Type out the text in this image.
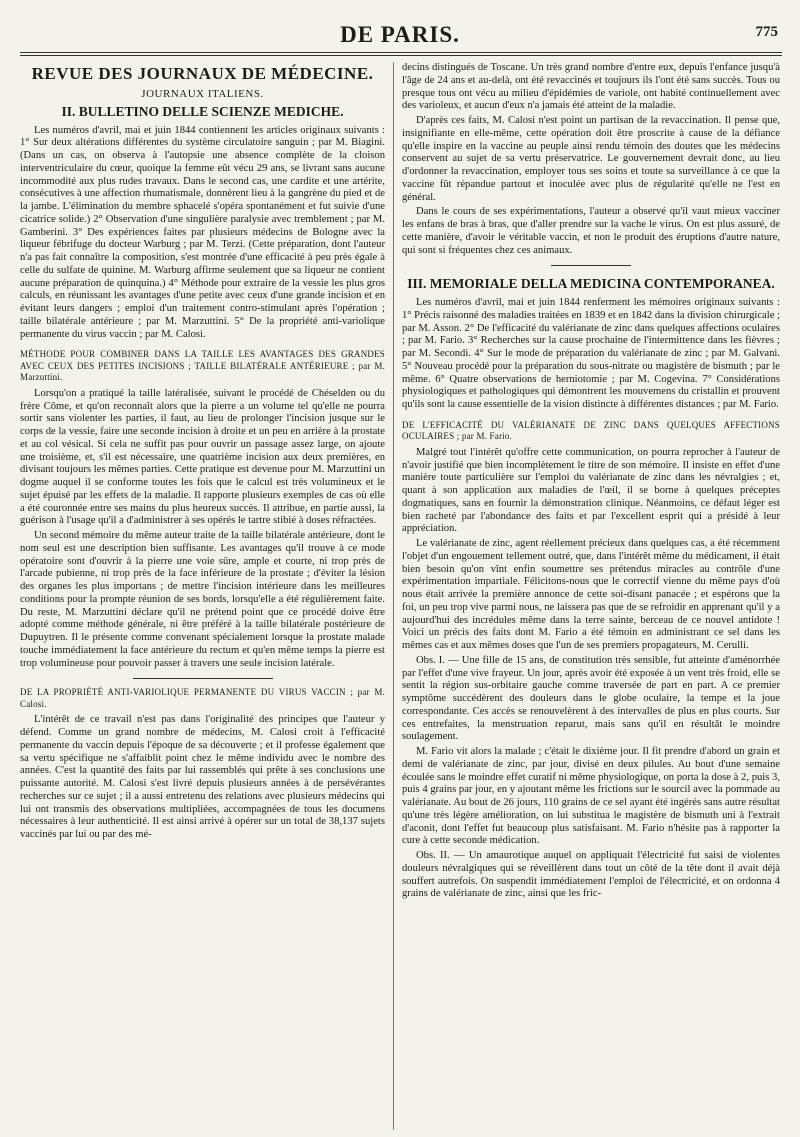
DE PARIS.	775
REVUE DES JOURNAUX DE MÉDECINE.
JOURNAUX ITALIENS.
II. BULLETINO DELLE SCIENZE MEDICHE.

Les numéros d'avril, mai et juin 1844 contiennent les articles originaux suivants : 1° Sur deux altérations différentes du système circulatoire sanguin ; par M. Biagini. (Dans un cas, on observa à l'autopsie une absence complète de la cloison interventriculaire du cœur, quoique la femme eût vécu 29 ans, se livrant sans aucune incommodité aux plus rudes travaux. Dans le second cas, une cardite et une artérite, consécutives à une affection rhumatismale, donnèrent lieu à la gangrène du pied et de la jambe. L'élimination du membre sphacelé s'opéra spontanément et fut suivie d'une cicatrice solide.) 2° Observation d'une singulière paralysie avec tremblement ; par M. Gamberini. 3° Des expériences faites par plusieurs médecins de Bologne avec la liqueur fébrifuge du docteur Warburg ; par M. Terzi. (Cette préparation, dont l'auteur n'a pas fait connaître la composition, s'est montrée d'une efficacité à peu près égale à celle du sulfate de quinine. M. Warburg affirme seulement que sa liqueur ne contient aucune préparation de quinquina.) 4° Méthode pour extraire de la vessie les plus gros calculs, en réunissant les avantages d'une petite avec ceux d'une grande incision et en évitant leurs dangers ; emploi d'un traitement contro-stimulant après l'opération ; taille bilatérale antérieure ; par M. Marzuttini. 5° De la propriété anti-variolique permanente du virus vaccin ; par M. Calosi.

MÉTHODE POUR COMBINER DANS LA TAILLE LES AVANTAGES DES GRANDES AVEC CEUX DES PETITES INCISIONS ; TAILLE BILATÉRALE ANTÉRIEURE ; par M. Marzuttini.

Lorsqu'on a pratiqué la taille latéralisée, suivant le procédé de Chéselden ou du frère Côme, et qu'on reconnaît alors que la pierre a un volume tel qu'elle ne pourra sortir sans violenter les parties, il faut, au lieu de prolonger l'incision jusque sur le corps de la vessie, faire une seconde incision à droite et un peu en arrière à la prostate et au col vésical. Si cela ne suffit pas pour ouvrir un passage assez large, on ajoute une troisième, et, s'il est nécessaire, une quatrième incision aux deux premières, en divisant toujours les mêmes parties. Cette pratique est devenue pour M. Marzuttini un dogme auquel il se conforme toutes les fois que le calcul est très volumineux et le sujet épuisé par les effets de la maladie. Il rapporte plusieurs exemples de cas où elle a été couronnée entre ses mains du plus heureux succès. Il attribue, en partie aussi, la guérison à l'usage qu'il a d'administrer à ses opérés le tartre stibié à doses réfractées.

Un second mémoire du même auteur traite de la taille bilatérale antérieure, dont le nom seul est une description bien suffisante. Les avantages qu'il trouve à ce mode opératoire sont d'ouvrir à la pierre une voie sûre, ample et courte, ni trop près de l'arcade pubienne, ni trop près de la face inférieure de la prostate ; d'éviter la lésion des organes les plus importans ; de mettre l'incision intérieure dans les meilleures conditions pour la prompte réunion de ses bords, lorsqu'elle a été régulièrement faite. Du reste, M. Marzuttini déclare qu'il ne prétend point que ce procédé doive être adopté comme méthode générale, ni être préféré à la taille bilatérale postérieure de Dupuytren. Il le présente comme convenant spécialement lorsque la prostate malade touche immédiatement la face antérieure du rectum et qu'en même temps la pierre est trop volumineuse pour pouvoir passer à travers une seule incision latérale.

DE LA PROPRIÉTÉ ANTI-VARIOLIQUE PERMANENTE DU VIRUS VACCIN ; par M. Calosi.

L'intérêt de ce travail n'est pas dans l'originalité des principes que l'auteur y défend. Comme un grand nombre de médecins, M. Calosi croit à l'efficacité permanente du vaccin depuis l'époque de sa découverte ; et il professe également que sa vertu spécifique ne s'affaiblit point chez le même individu avec le nombre des années. C'est la quantité des faits par lui rassemblés qui prête à ses conclusions une puissante autorité. M. Calosi s'est livré depuis plusieurs années à de persévérantes recherches sur ce sujet ; il a aussi entretenu des relations avec plusieurs médecins qui lui ont transmis des observations multipliées, accompagnées de tous les documens nécessaires à leur authenticité. Il est ainsi arrivé à opérer sur un total de 38,137 sujets vaccinés par lui ou par des mé-

decins distingués de Toscane. Un très grand nombre d'entre eux, depuis l'enfance jusqu'à l'âge de 24 ans et au-delà, ont été revaccinés et toujours ils l'ont été sans succès. Tous ou presque tous ont vécu au milieu d'épidémies de variole, ont habité continuellement avec des varioleux, et aucun d'eux n'a jamais été atteint de la maladie.

D'après ces faits, M. Calosi n'est point un partisan de la revaccination. Il pense que, insignifiante en elle-même, cette opération doit être proscrite à cause de la défiance qu'elle inspire en la vaccine au peuple ainsi rendu témoin des doutes que les médecins conservent au sujet de sa vertu préservatrice. Le gouvernement devrait donc, au lieu d'ordonner la revaccination, employer tous ses soins et toute sa surveillance à ce que la vaccine fût répandue partout et inoculée avec plus de régularité qu'elle ne l'est en général.

Dans le cours de ses expérimentations, l'auteur a observé qu'il vaut mieux vacciner les enfans de bras à bras, que d'aller prendre sur la vache le virus. On est plus assuré, de cette manière, d'avoir le véritable vaccin, et non le produit des éruptions d'autre nature, qui sont si fréquentes chez ces animaux.

III. MEMORIALE DELLA MEDICINA CONTEMPORANEA.

Les numéros d'avril, mai et juin 1844 renferment les mémoires originaux suivants : 1° Précis raisonné des maladies traitées en 1839 et en 1842 dans la division chirurgicale ; par M. Asson. 2° De l'efficacité du valérianate de zinc dans quelques affections oculaires ; par M. Fario. 3° Recherches sur la cause prochaine de l'intermittence dans les fièvres ; par M. Secondi. 4° Sur le mode de préparation du valérianate de zinc ; par M. Galvani. 5° Nouveau procédé pour la préparation du sous-nitrate ou magistère de bismuth ; par le même. 6° Quatre observations de herniotomie ; par M. Cogevina. 7° Considérations physiologiques et pathologiques qui démontrent les mouvemens du cristallin et prouvent qu'ils sont la cause essentielle de la vision distincte à différentes distances ; par M. Fario.

DE L'EFFICACITÉ DU VALÉRIANATE DE ZINC DANS QUELQUES AFFECTIONS OCULAIRES ; par M. Fario.

Malgré tout l'intérêt qu'offre cette communication, on pourra reprocher à l'auteur de n'avoir justifié que bien incomplètement le titre de son mémoire. Il insiste en effet d'une manière toute particulière sur l'emploi du valérianate de zinc dans les névralgies ; et, quant à son application aux maladies de l'œil, il se borne à quelques préceptes dogmatiques, sans en fournir la démonstration clinique. Néanmoins, ce défaut léger est bien racheté par l'abondance des faits et par l'excellent esprit qui a présidé à leur appréciation.

Le valérianate de zinc, agent réellement précieux dans quelques cas, a été récemment l'objet d'un engouement tellement outré, que, dans l'intérêt même du médicament, il était bien besoin qu'on vînt enfin soumettre ses prétendus miracles au contrôle d'une expérimentation impartiale. Félicitons-nous que le correctif vienne du même pays d'où nous était arrivée la première annonce de cette soi-disant panacée ; et espérons que la foi, un peu trop vive parmi nous, ne laissera pas que de se refroidir en apprenant qu'il y a aujourd'hui des incrédules même dans la terre sainte, berceau de ce nouvel antidote ! Voici un précis des faits dont M. Fario a été témoin en administrant ce sel dans les mêmes cas et aux mêmes doses que l'un de ses premiers propagateurs, M. Cerulli.

Obs. I. — Une fille de 15 ans, de constitution très sensible, fut atteinte d'aménorrhée par l'effet d'une vive frayeur. Un jour, après avoir été exposée à un vent très froid, elle se sentit la région sus-orbitaire gauche comme traversée de part en part. A ce premier symptôme succédèrent des douleurs dans le globe oculaire, la tempe et la joue correspondante. Ces accès se renouvelèrent à des intervalles de plus en plus courts. Sur ces entrefaites, la menstruation reparut, mais sans qu'il en résultât le moindre soulagement.

M. Fario vit alors la malade ; c'était le dixième jour. Il fit prendre d'abord un grain et demi de valérianate de zinc, par jour, divisé en deux pilules. Au bout d'une semaine écoulée sans le moindre effet curatif ni même physiologique, on porta la dose à 2, puis 3, puis 4 grains par jour, en y ajoutant même les frictions sur le sourcil avec la pommade au valérianate. Au bout de 26 jours, 110 grains de ce sel ayant été ingérés sans autre résultat qu'une très légère amélioration, on lui substitua le magistère de bismuth uni à l'extrait d'aconit, dont l'effet fut beaucoup plus satisfaisant. M. Fario n'hésite pas à rapporter la cure à cette seconde médication.

Obs. II. — Un amaurotique auquel on appliquait l'électricité fut saisi de violentes douleurs névralgiques qui se réveillèrent dans tout un côté de la tête dont il avait déjà souffert autrefois. On suspendit immédiatement l'emploi de l'électricité, et on ordonna 4 grains de valérianate de zinc, ainsi que les fric-
